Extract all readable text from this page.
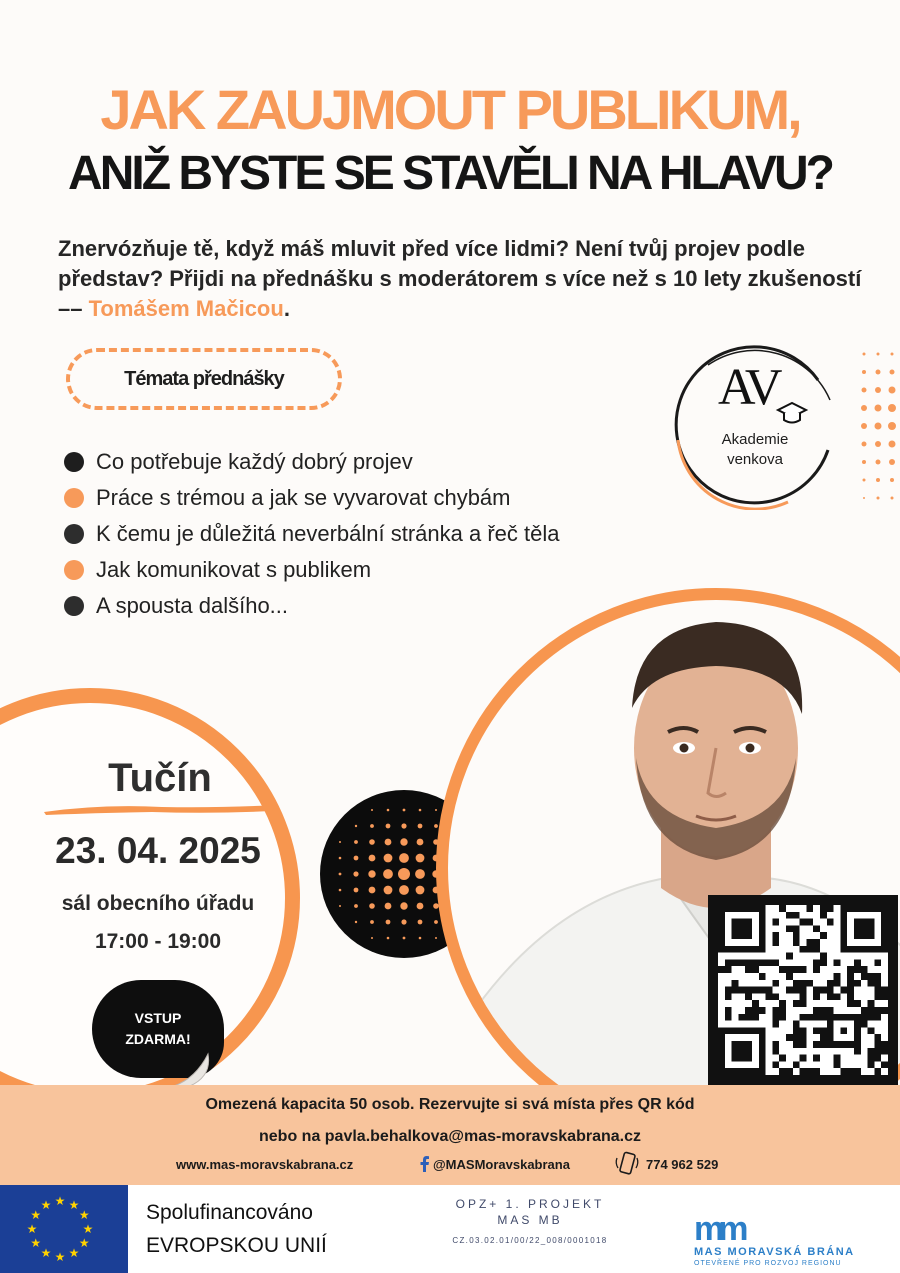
JAK ZAUJMOUT PUBLIKUM,
ANIŽ BYSTE SE STAVĚLI NA HLAVU?
Znervózňuje tě, když máš mluvit před více lidmi? Není tvůj projev podle představ? Přijdi na přednášku s moderátorem s více než s 10 lety zkušeností –– Tomášem Mačicou.
Témata přednášky
Co potřebuje každý dobrý projev
Práce s trémou a jak se vyvarovat chybám
K čemu je důležitá neverbální stránka a řeč těla
Jak komunikovat s publikem
A spousta dalšího...
AV
Akademie
venkova
Tučín
23. 04. 2025
sál obecního úřadu
17:00 - 19:00
VSTUP
ZDARMA!
Omezená kapacita 50 osob. Rezervujte si svá místa přes QR kód
nebo na pavla.behalkova@mas-moravskabrana.cz
www.mas-moravskabrana.cz	@MASMoravskabrana	774 962 529
★ ★
★
★
★
★
★
★
★
★
★
★	Spolufinancováno
EVROPSKOU UNIÍ
OPZ+ 1. PROJEKT
MAS MB
CZ.03.02.01/00/22_008/0001018	mm
MAS MORAVSKÁ BRÁNA
OTEVŘENÉ PRO ROZVOJ REGIONU
